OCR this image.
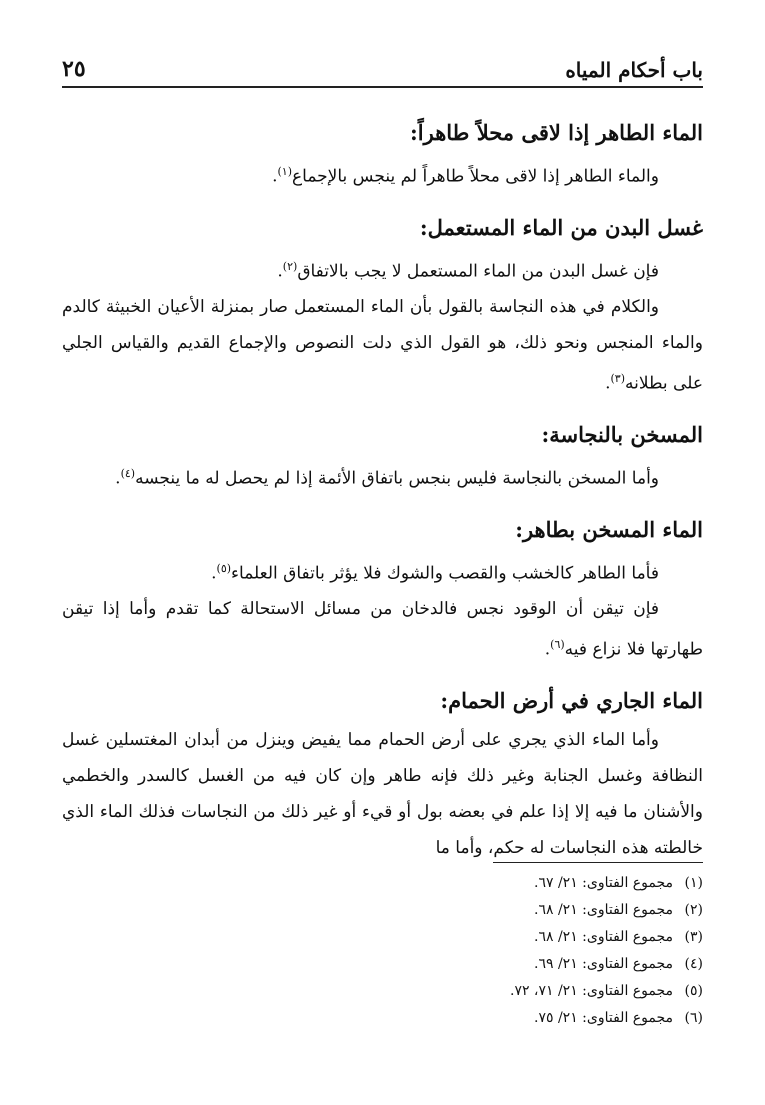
باب أحكام المياه
٢٥
الماء الطاهر إذا لاقى محلاً طاهراً:

والماء الطاهر إذا لاقى محلاً طاهراً لم ينجس بالإجماع$^{(١)}$.

غسل البدن من الماء المستعمل:

فإن غسل البدن من الماء المستعمل لا يجب بالاتفاق$^{(٢)}$.

والكلام في هذه النجاسة بالقول بأن الماء المستعمل صار بمنزلة الأعيان الخبيثة كالدم والماء المنجس ونحو ذلك، هو القول الذي دلت النصوص والإجماع القديم والقياس الجلي على بطلانه$^{(٣)}$.

المسخن بالنجاسة:

وأما المسخن بالنجاسة فليس بنجس باتفاق الأئمة إذا لم يحصل له ما ينجسه$^{(٤)}$.

الماء المسخن بطاهر:

فأما الطاهر كالخشب والقصب والشوك فلا يؤثر باتفاق العلماء$^{(٥)}$.

فإن تيقن أن الوقود نجس فالدخان من مسائل الاستحالة كما تقدم وأما إذا تيقن طهارتها فلا نزاع فيه$^{(٦)}$.

الماء الجاري في أرض الحمام:

وأما الماء الذي يجري على أرض الحمام مما يفيض وينزل من أبدان المغتسلين غسل النظافة وغسل الجنابة وغير ذلك فإنه طاهر وإن كان فيه من الغسل كالسدر والخطمي والأشنان ما فيه إلا إذا علم في بعضه بول أو قيء أو غير ذلك من النجاسات فذلك الماء الذي خالطته هذه النجاسات له حكم، وأما ما

(١)مجموع الفتاوى: ٢١/ ٦٧.
(٢)مجموع الفتاوى: ٢١/ ٦٨.
(٣)مجموع الفتاوى: ٢١/ ٦٨.
(٤)مجموع الفتاوى: ٢١/ ٦٩.
(٥)مجموع الفتاوى: ٢١/ ٧١، ٧٢.
(٦)مجموع الفتاوى: ٢١/ ٧٥.
